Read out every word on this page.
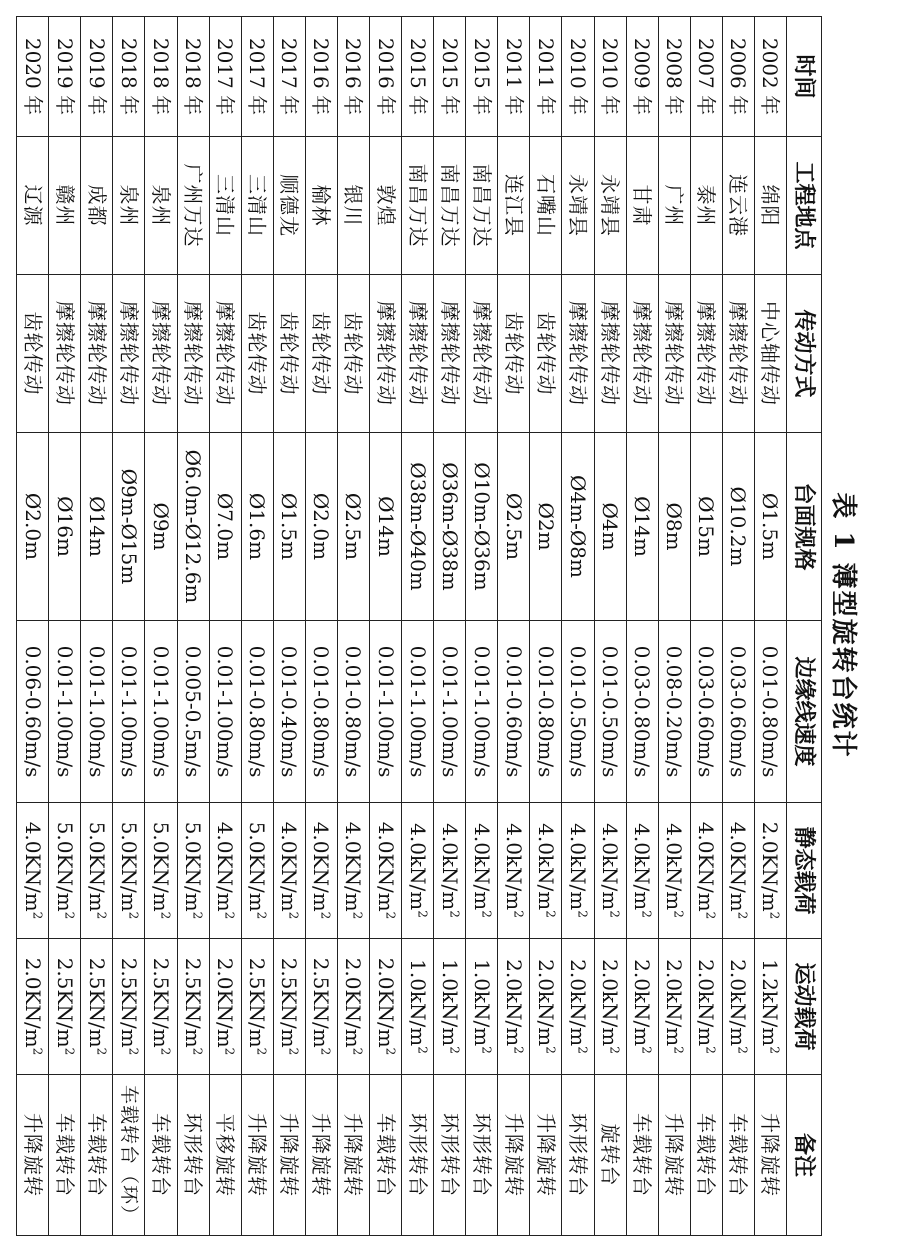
表 1 薄型旋转台统计
时间	工程地点	传动方式	台面规格	边缘线速度	静态载荷	运动载荷	备注
2002 年	绵阳	中心轴传动	Ø1.5m	0.01-0.80m/s	$2.0KN/m^2$	$1.2kN/m^2$	升降旋转
2006 年	连云港	摩擦轮传动	Ø10.2m	0.03-0.60m/s	$4.0KN/m^2$	$2.0kN/m^2$	车载转台
2007 年	泰州	摩擦轮传动	Ø15m	0.03-0.60m/s	$4.0KN/m^2$	$2.0kN/m^2$	车载转台
2008 年	广州	摩擦轮传动	Ø8m	0.08-0.20m/s	$4.0kN/m^2$	$2.0kN/m^2$	升降旋转
2009 年	甘肃	摩擦轮传动	Ø14m	0.03-0.80m/s	$4.0kN/m^2$	$2.0kN/m^2$	车载转台
2010 年	永靖县	摩擦轮传动	Ø4m	0.01-0.50m/s	$4.0kN/m^2$	$2.0kN/m^2$	旋转台
2010 年	永靖县	摩擦轮传动	Ø4m-Ø8m	0.01-0.50m/s	$4.0kN/m^2$	$2.0kN/m^2$	环形转台
2011 年	石嘴山	齿轮传动	Ø2m	0.01-0.80m/s	$4.0kN/m^2$	$2.0kN/m^2$	升降旋转
2011 年	连江县	齿轮传动	Ø2.5m	0.01-0.60m/s	$4.0kN/m^2$	$2.0kN/m^2$	升降旋转
2015 年	南昌万达	摩擦轮传动	Ø10m-Ø36m	0.01-1.00m/s	$4.0kN/m^2$	$1.0kN/m^2$	环形转台
2015 年	南昌万达	摩擦轮传动	Ø36m-Ø38m	0.01-1.00m/s	$4.0kN/m^2$	$1.0kN/m^2$	环形转台
2015 年	南昌万达	摩擦轮传动	Ø38m-Ø40m	0.01-1.00m/s	$4.0kN/m^2$	$1.0kN/m^2$	环形转台
2016 年	敦煌	摩擦轮传动	Ø14m	0.01-1.00m/s	$4.0KN/m^2$	$2.0KN/m^2$	车载转台
2016 年	银川	齿轮传动	Ø2.5m	0.01-0.80m/s	$4.0KN/m^2$	$2.0KN/m^2$	升降旋转
2016 年	榆林	齿轮传动	Ø2.0m	0.01-0.80m/s	$4.0KN/m^2$	$2.5KN/m^2$	升降旋转
2017 年	顺德龙	齿轮传动	Ø1.5m	0.01-0.40m/s	$4.0KN/m^2$	$2.5KN/m^2$	升降旋转
2017 年	三清山	齿轮传动	Ø1.6m	0.01-0.80m/s	$5.0KN/m^2$	$2.5KN/m^2$	升降旋转
2017 年	三清山	摩擦轮传动	Ø7.0m	0.01-1.00m/s	$4.0KN/m^2$	$2.0KN/m^2$	平移旋转
2018 年	广州万达	摩擦轮传动	Ø6.0m-Ø12.6m	0.005-0.5m/s	$5.0KN/m^2$	$2.5KN/m^2$	环形转台
2018 年	泉州	摩擦轮传动	Ø9m	0.01-1.00m/s	$5.0KN/m^2$	$2.5KN/m^2$	车载转台
2018 年	泉州	摩擦轮传动	Ø9m-Ø15m	0.01-1.00m/s	$5.0KN/m^2$	$2.5KN/m^2$	车载转台（环）
2019 年	成都	摩擦轮传动	Ø14m	0.01-1.00m/s	$5.0KN/m^2$	$2.5KN/m^2$	车载转台
2019 年	赣州	摩擦轮传动	Ø16m	0.01-1.00m/s	$5.0KN/m^2$	$2.5KN/m^2$	车载转台
2020 年	辽源	齿轮传动	Ø2.0m	0.06-0.60m/s	$4.0KN/m^2$	$2.0KN/m^2$	升降旋转
